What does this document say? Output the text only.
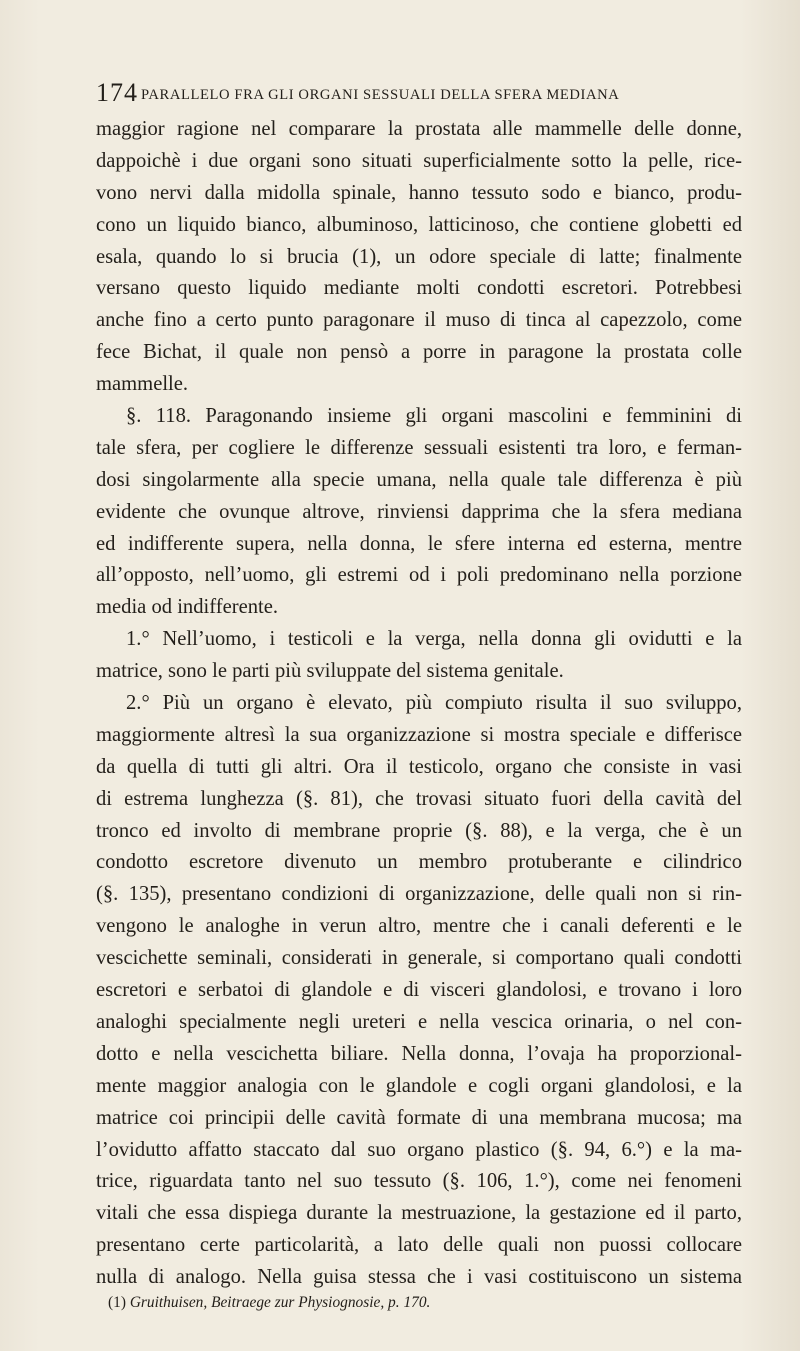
174 PARALLELO FRA GLI ORGANI SESSUALI DELLA SFERA MEDIANA
maggior ragione nel comparare la prostata alle mammelle delle donne,
dappoichè i due organi sono situati superficialmente sotto la pelle, rice-
vono nervi dalla midolla spinale, hanno tessuto sodo e bianco, produ-
cono un liquido bianco, albuminoso, latticinoso, che contiene globetti ed
esala, quando lo si brucia (1), un odore speciale di latte; finalmente
versano questo liquido mediante molti condotti escretori. Potrebbesi
anche fino a certo punto paragonare il muso di tinca al capezzolo, come
fece Bichat, il quale non pensò a porre in paragone la prostata colle
mammelle.
§. 118. Paragonando insieme gli organi mascolini e femminini di
tale sfera, per cogliere le differenze sessuali esistenti tra loro, e ferman-
dosi singolarmente alla specie umana, nella quale tale differenza è più
evidente che ovunque altrove, rinviensi dapprima che la sfera mediana
ed indifferente supera, nella donna, le sfere interna ed esterna, mentre
all’opposto, nell’uomo, gli estremi od i poli predominano nella porzione
media od indifferente.
1.° Nell’uomo, i testicoli e la verga, nella donna gli ovidutti e la
matrice, sono le parti più sviluppate del sistema genitale.
2.° Più un organo è elevato, più compiuto risulta il suo sviluppo,
maggiormente altresì la sua organizzazione si mostra speciale e differisce
da quella di tutti gli altri. Ora il testicolo, organo che consiste in vasi
di estrema lunghezza (§. 81), che trovasi situato fuori della cavità del
tronco ed involto di membrane proprie (§. 88), e la verga, che è un
condotto escretore divenuto un membro protuberante e cilindrico
(§. 135), presentano condizioni di organizzazione, delle quali non si rin-
vengono le analoghe in verun altro, mentre che i canali deferenti e le
vescichette seminali, considerati in generale, si comportano quali condotti
escretori e serbatoi di glandole e di visceri glandolosi, e trovano i loro
analoghi specialmente negli ureteri e nella vescica orinaria, o nel con-
dotto e nella vescichetta biliare. Nella donna, l’ovaja ha proporzional-
mente maggior analogia con le glandole e cogli organi glandolosi, e la
matrice coi principii delle cavità formate di una membrana mucosa; ma
l’ovidutto affatto staccato dal suo organo plastico (§. 94, 6.°) e la ma-
trice, riguardata tanto nel suo tessuto (§. 106, 1.°), come nei fenomeni
vitali che essa dispiega durante la mestruazione, la gestazione ed il parto,
presentano certe particolarità, a lato delle quali non puossi collocare
nulla di analogo. Nella guisa stessa che i vasi costituiscono un sistema
(1) Gruithuisen, Beitraege zur Physiognosie, p. 170.
